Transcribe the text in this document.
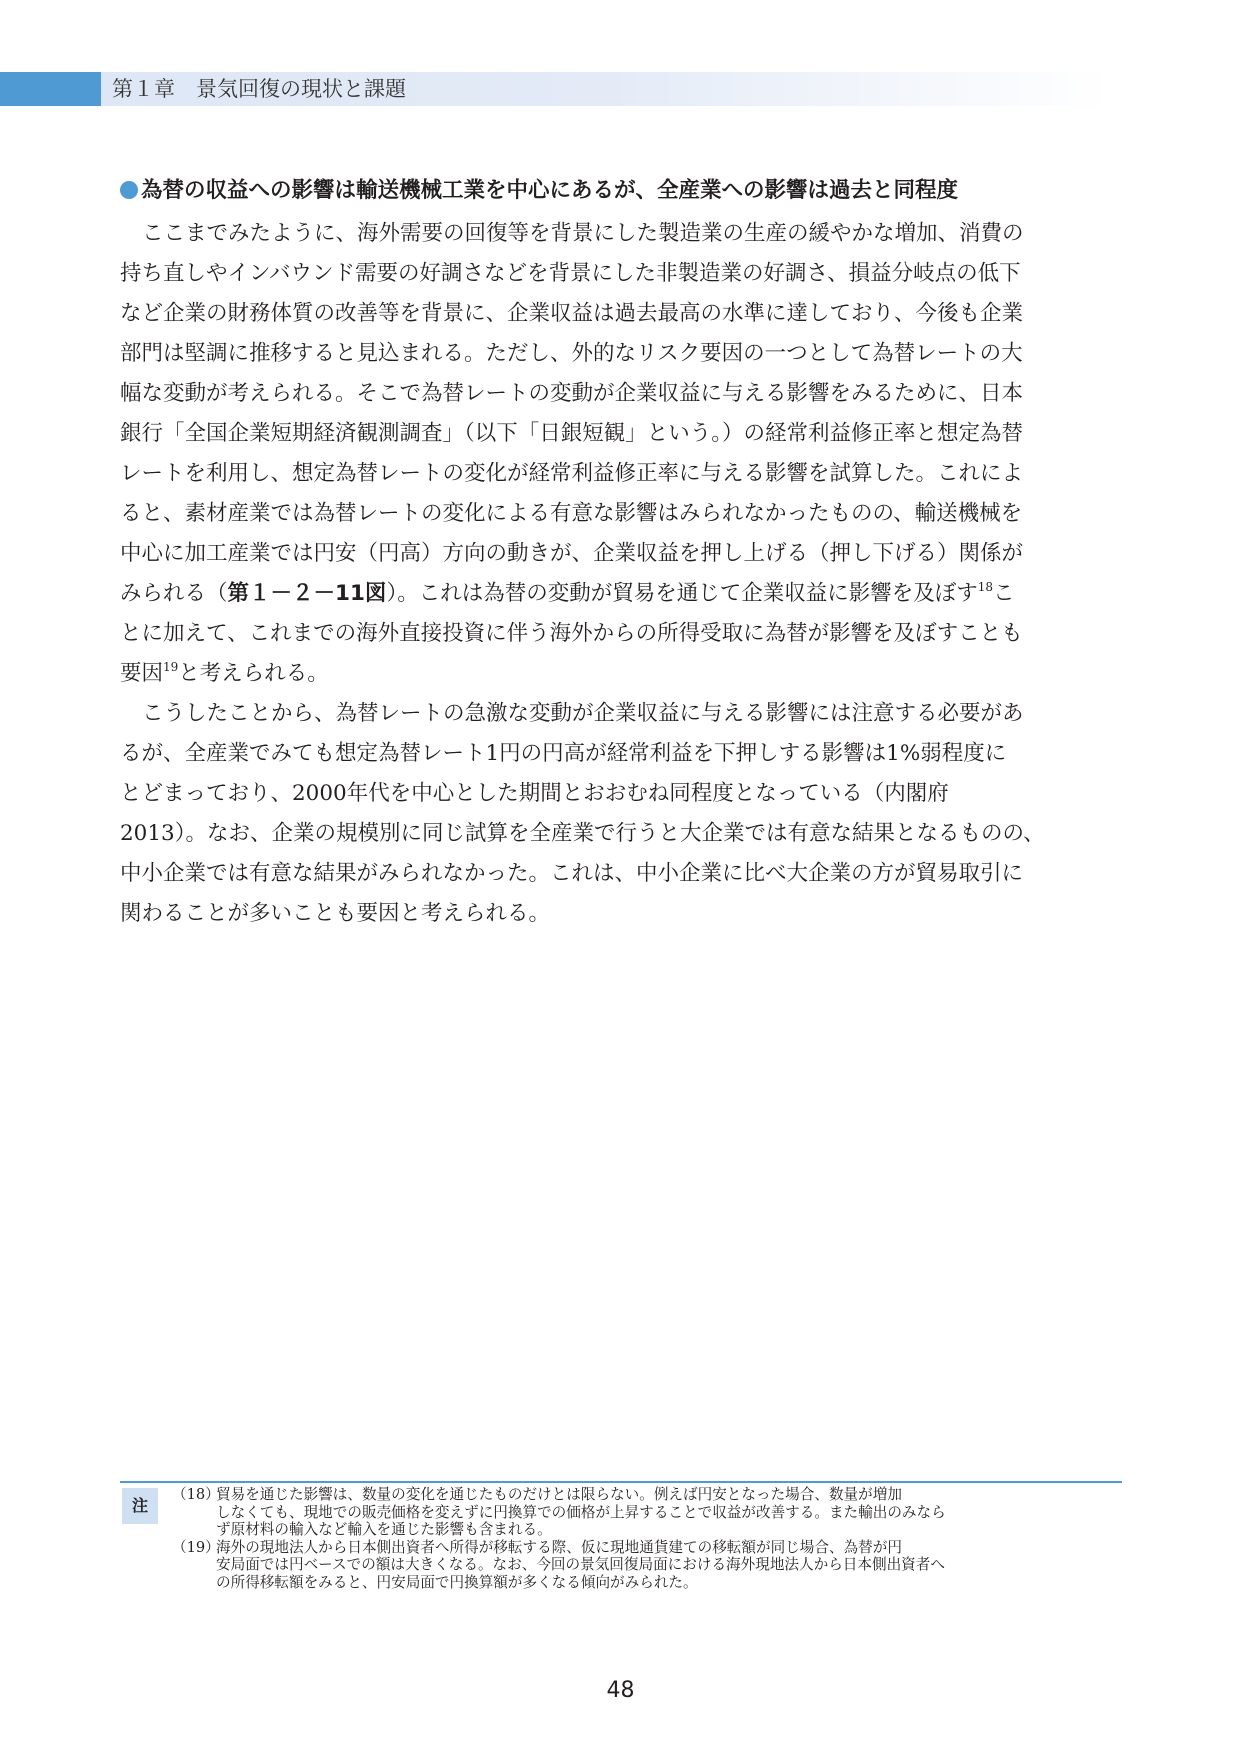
第１章　景気回復の現状と課題
為替の収益への影響は輸送機械工業を中心にあるが、全産業への影響は過去と同程度
ここまでみたように、海外需要の回復等を背景にした製造業の生産の緩やかな増加、消費の
持ち直しやインバウンド需要の好調さなどを背景にした非製造業の好調さ、損益分岐点の低下
など企業の財務体質の改善等を背景に、企業収益は過去最高の水準に達しており、今後も企業
部門は堅調に推移すると見込まれる。ただし、外的なリスク要因の一つとして為替レートの大
幅な変動が考えられる。そこで為替レートの変動が企業収益に与える影響をみるために、日本
銀行「全国企業短期経済観測調査」（以下「日銀短観」という。）の経常利益修正率と想定為替
レートを利用し、想定為替レートの変化が経常利益修正率に与える影響を試算した。これによ
ると、素材産業では為替レートの変化による有意な影響はみられなかったものの、輸送機械を
中心に加工産業では円安（円高）方向の動きが、企業収益を押し上げる（押し下げる）関係が
みられる（第１－２－11図）。これは為替の変動が貿易を通じて企業収益に影響を及ぼす$^{18}$こ
とに加えて、これまでの海外直接投資に伴う海外からの所得受取に為替が影響を及ぼすことも
要因$^{19}$と考えられる。
こうしたことから、為替レートの急激な変動が企業収益に与える影響には注意する必要があ
るが、全産業でみても想定為替レート1円の円高が経常利益を下押しする影響は1%弱程度に
とどまっており、2000年代を中心とした期間とおおむね同程度となっている（内閣府
2013）。なお、企業の規模別に同じ試算を全産業で行うと大企業では有意な結果となるものの、
中小企業では有意な結果がみられなかった。これは、中小企業に比べ大企業の方が貿易取引に
関わることが多いことも要因と考えられる。
注
（18）
貿易を通じた影響は、数量の変化を通じたものだけとは限らない。例えば円安となった場合、数量が増加
しなくても、現地での販売価格を変えずに円換算での価格が上昇することで収益が改善する。また輸出のみなら
ず原材料の輸入など輸入を通じた影響も含まれる。
（19）
海外の現地法人から日本側出資者へ所得が移転する際、仮に現地通貨建ての移転額が同じ場合、為替が円
安局面では円ベースでの額は大きくなる。なお、今回の景気回復局面における海外現地法人から日本側出資者へ
の所得移転額をみると、円安局面で円換算額が多くなる傾向がみられた。
48
